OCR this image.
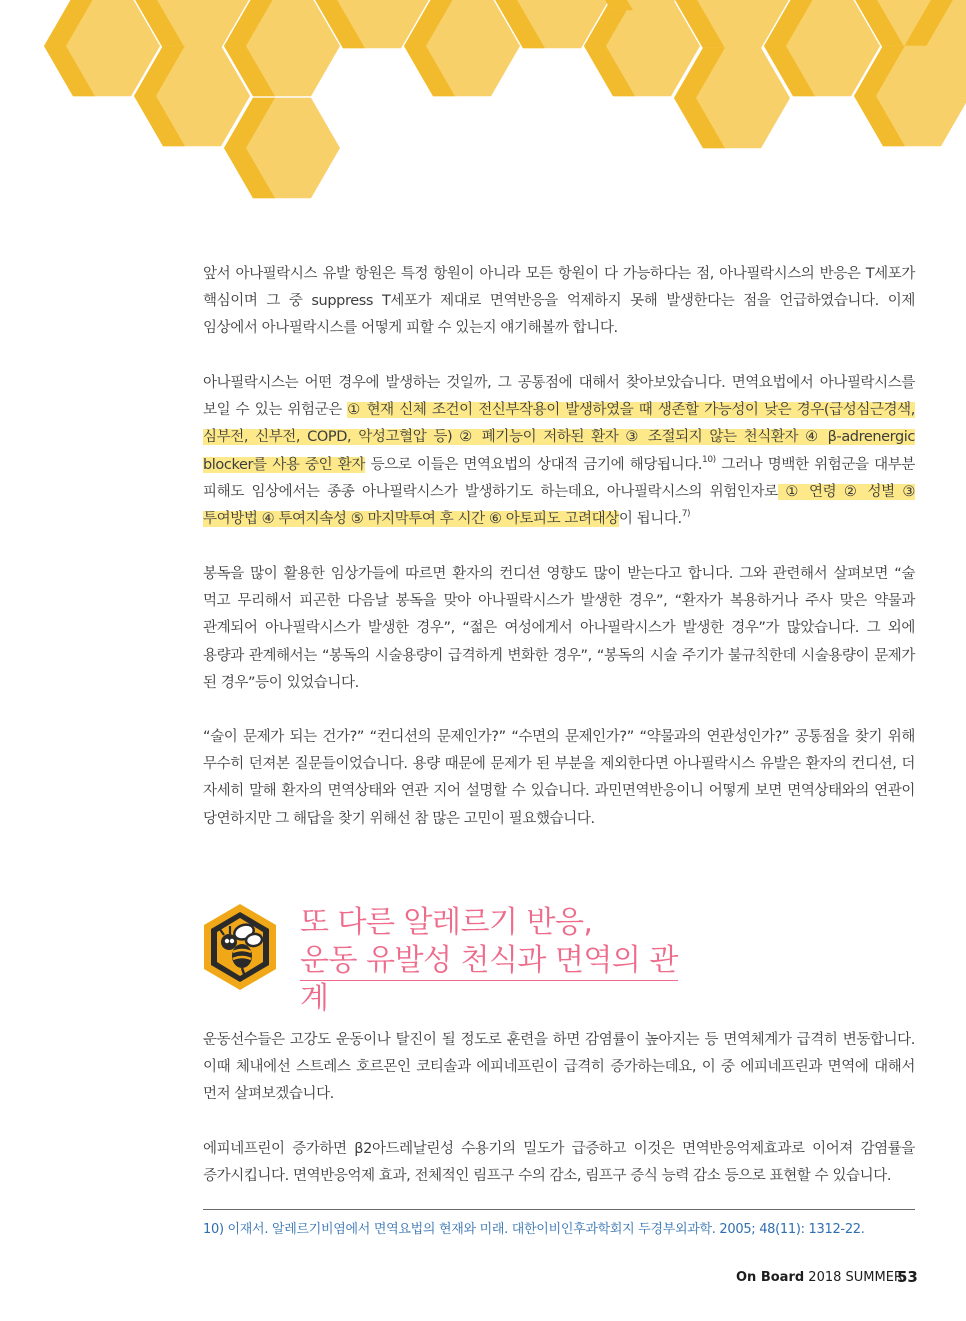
앞서 아나필락시스 유발 항원은 특정 항원이 아니라 모든 항원이 다 가능하다는 점, 아나필락시스의 반응은 T세포가 핵심이며 그 중 suppress T세포가 제대로 면역반응을 억제하지 못해 발생한다는 점을 언급하였습니다. 이제 임상에서 아나필락시스를 어떻게 피할 수 있는지 얘기해볼까 합니다.

아나필락시스는 어떤 경우에 발생하는 것일까, 그 공통점에 대해서 찾아보았습니다. 면역요법에서 아나필락시스를 보일 수 있는 위험군은 ① 현재 신체 조건이 전신부작용이 발생하였을 때 생존할 가능성이 낮은 경우(급성심근경색, 심부전, 신부전, COPD, 악성고혈압 등) ② 폐기능이 저하된 환자 ③ 조절되지 않는 천식환자 ④ β-adrenergic blocker를 사용 중인 환자 등으로 이들은 면역요법의 상대적 금기에 해당됩니다.$^{10)}$ 그러나 명백한 위험군을 대부분 피해도 임상에서는 종종 아나필락시스가 발생하기도 하는데요, 아나필락시스의 위험인자로 ① 연령 ② 성별 ③ 투여방법 ④ 투여지속성 ⑤ 마지막투여 후 시간 ⑥ 아토피도 고려대상이 됩니다.$^{7)}$

봉독을 많이 활용한 임상가들에 따르면 환자의 컨디션 영향도 많이 받는다고 합니다. 그와 관련해서 살펴보면 “술 먹고 무리해서 피곤한 다음날 봉독을 맞아 아나필락시스가 발생한 경우”, “환자가 복용하거나 주사 맞은 약물과 관계되어 아나필락시스가 발생한 경우”, “젊은 여성에게서 아나필락시스가 발생한 경우”가 많았습니다. 그 외에 용량과 관계해서는 “봉독의 시술용량이 급격하게 변화한 경우”, “봉독의 시술 주기가 불규칙한데 시술용량이 문제가 된 경우”등이 있었습니다.

“술이 문제가 되는 건가?” “컨디션의 문제인가?” “수면의 문제인가?” “약물과의 연관성인가?” 공통점을 찾기 위해 무수히 던져본 질문들이었습니다. 용량 때문에 문제가 된 부분을 제외한다면 아나필락시스 유발은 환자의 컨디션, 더 자세히 말해 환자의 면역상태와 연관 지어 설명할 수 있습니다. 과민면역반응이니 어떻게 보면 면역상태와의 연관이 당연하지만 그 해답을 찾기 위해선 참 많은 고민이 필요했습니다.

또 다른 알레르기 반응,
운동 유발성 천식과 면역의 관계

운동선수들은 고강도 운동이나 탈진이 될 정도로 훈련을 하면 감염률이 높아지는 등 면역체계가 급격히 변동합니다. 이때 체내에선 스트레스 호르몬인 코티솔과 에피네프린이 급격히 증가하는데요, 이 중 에피네프린과 면역에 대해서 먼저 살펴보겠습니다.

에피네프린이 증가하면 β2아드레날린성 수용기의 밀도가 급증하고 이것은 면역반응억제효과로 이어져 감염률을 증가시킵니다. 면역반응억제 효과, 전체적인 림프구 수의 감소, 림프구 증식 능력 감소 등으로 표현할 수 있습니다.

10) 이재서. 알레르기비염에서 면역요법의 현재와 미래. 대한이비인후과학회지 두경부외과학. 2005; 48(11): 1312-22.

On Board 2018 SUMMER
53
